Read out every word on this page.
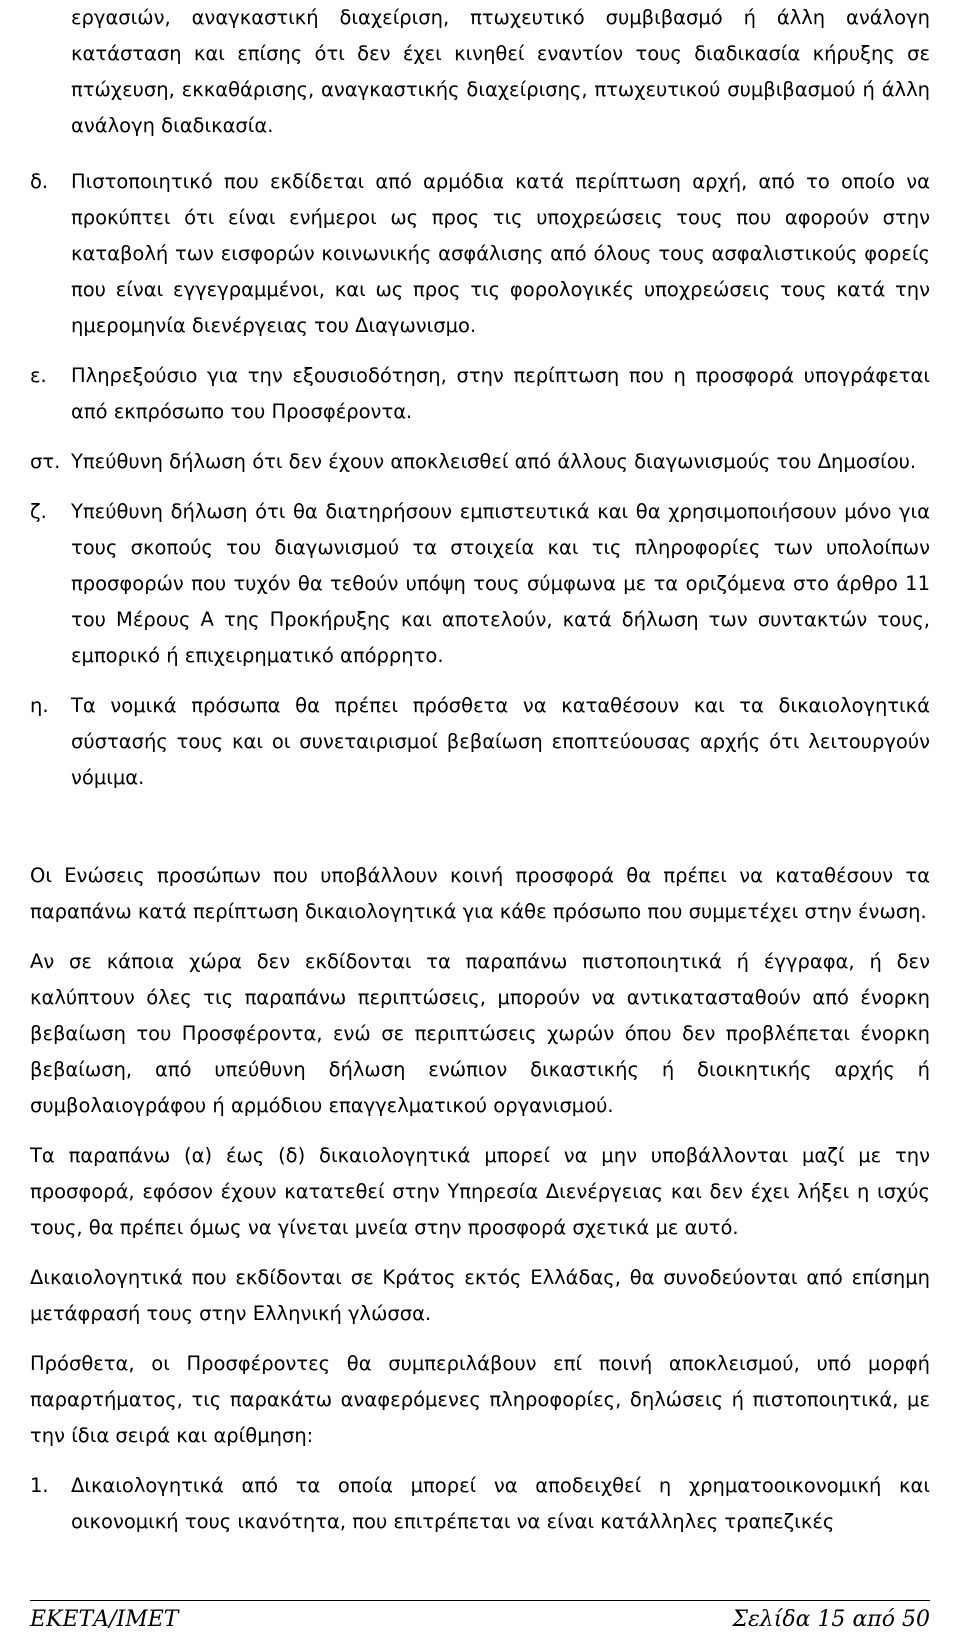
εργασιών, αναγκαστική διαχείριση, πτωχευτικό συμβιβασμό ή άλλη ανάλογη κατάσταση και επίσης ότι δεν έχει κινηθεί εναντίον τους διαδικασία κήρυξης σε πτώχευση, εκκαθάρισης, αναγκαστικής διαχείρισης, πτωχευτικού συμβιβασμού ή άλλη ανάλογη διαδικασία.

δ.	Πιστοποιητικό που εκδίδεται από αρμόδια κατά περίπτωση αρχή, από το οποίο να προκύπτει ότι είναι ενήμεροι ως προς τις υποχρεώσεις τους που αφορούν στην καταβολή των εισφορών κοινωνικής ασφάλισης από όλους τους ασφαλιστικούς φορείς που είναι εγγεγραμμένοι, και ως προς τις φορολογικές υποχρεώσεις τους κατά την ημερομηνία διενέργειας του Διαγωνισμο.
ε.	Πληρεξούσιο για την εξουσιοδότηση, στην περίπτωση που η προσφορά υπογράφεται από εκπρόσωπο του Προσφέροντα.
στ. Υπεύθυνη δήλωση ότι δεν έχουν αποκλεισθεί από άλλους διαγωνισμούς του Δημοσίου.
ζ.	Υπεύθυνη δήλωση ότι θα διατηρήσουν εμπιστευτικά και θα χρησιμοποιήσουν μόνο για τους σκοπούς του διαγωνισμού τα στοιχεία και τις πληροφορίες των υπολοίπων προσφορών που τυχόν θα τεθούν υπόψη τους σύμφωνα με τα οριζόμενα στο άρθρο 11 του Μέρους Α της Προκήρυξης και αποτελούν, κατά δήλωση των συντακτών τους, εμπορικό ή επιχειρηματικό απόρρητο.
η.	Τα νομικά πρόσωπα θα πρέπει πρόσθετα να καταθέσουν και τα δικαιολογητικά σύστασής τους και οι συνεταιρισμοί βεβαίωση εποπτεύουσας αρχής ότι λειτουργούν νόμιμα.

Οι Ενώσεις προσώπων που υποβάλλουν κοινή προσφορά θα πρέπει να καταθέσουν τα παραπάνω κατά περίπτωση δικαιολογητικά για κάθε πρόσωπο που συμμετέχει στην ένωση.

Αν σε κάποια χώρα δεν εκδίδονται τα παραπάνω πιστοποιητικά ή έγγραφα, ή δεν καλύπτουν όλες τις παραπάνω περιπτώσεις, μπορούν να αντικατασταθούν από ένορκη βεβαίωση του Προσφέροντα, ενώ σε περιπτώσεις χωρών όπου δεν προβλέπεται ένορκη βεβαίωση, από υπεύθυνη δήλωση ενώπιον δικαστικής ή διοικητικής αρχής ή συμβολαιογράφου ή αρμόδιου επαγγελματικού οργανισμού.

Τα παραπάνω (α) έως (δ) δικαιολογητικά μπορεί να μην υποβάλλονται μαζί με την προσφορά, εφόσον έχουν κατατεθεί στην Υπηρεσία Διενέργειας και δεν έχει λήξει η ισχύς τους, θα πρέπει όμως να γίνεται μνεία στην προσφορά σχετικά με αυτό.

Δικαιολογητικά που εκδίδονται σε Κράτος εκτός Ελλάδας, θα συνοδεύονται από επίσημη μετάφρασή τους στην Ελληνική γλώσσα.

Πρόσθετα, οι Προσφέροντες θα συμπεριλάβουν επί ποινή αποκλεισμού, υπό μορφή παραρτήματος, τις παρακάτω αναφερόμενες πληροφορίες, δηλώσεις ή πιστοποιητικά, με την ίδια σειρά και αρίθμηση:

1.	Δικαιολογητικά από τα οποία μπορεί να αποδειχθεί η χρηματοοικονομική και οικονομική τους ικανότητα, που επιτρέπεται να είναι κατάλληλες τραπεζικές
ΕΚΕΤΑ/ΙΜΕΤ	Σελίδα 15 από 50
